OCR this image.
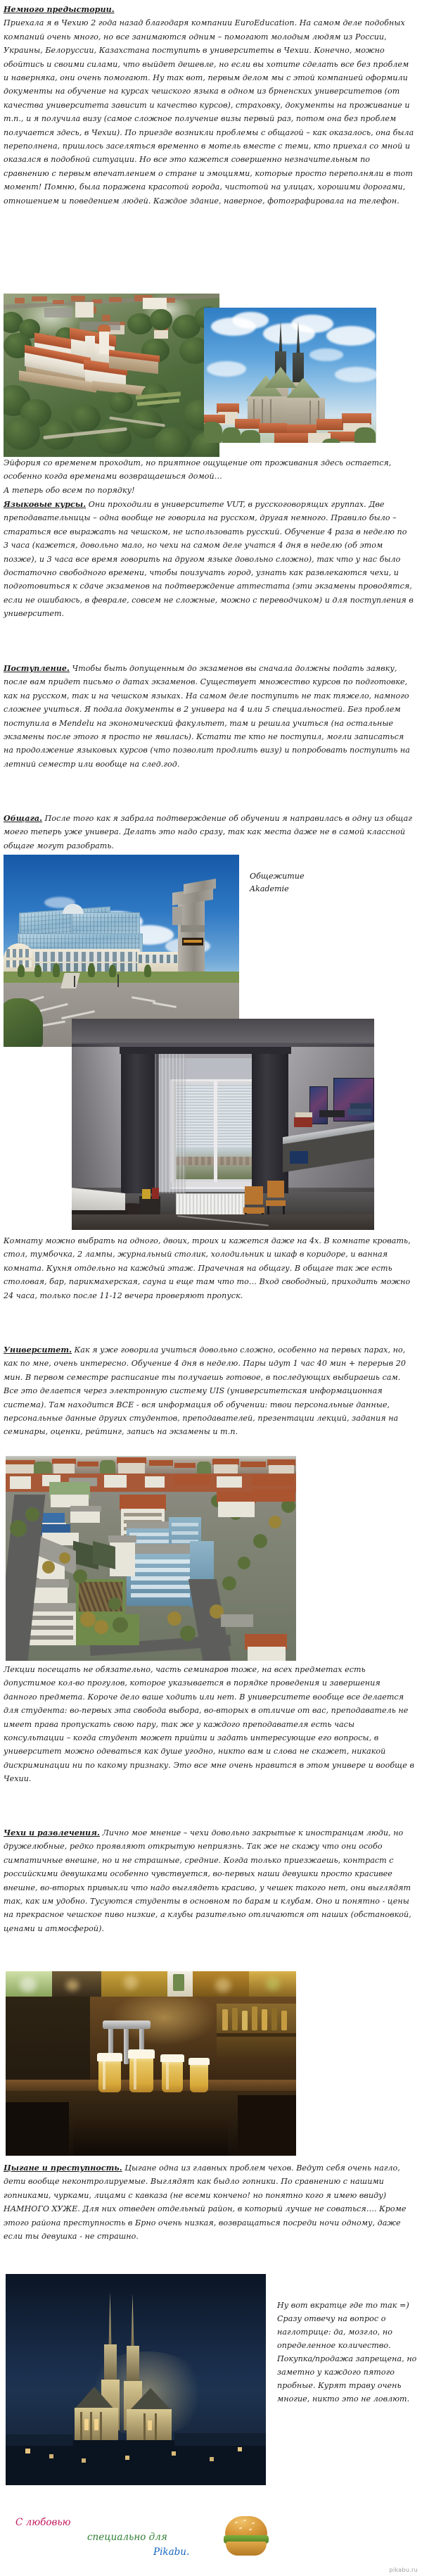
Немного предыстории.
Приехала я в Чехию 2 года назад благодаря компании EuroEducation. На самом деле подобных компаний очень много, но все занимаются одним – помогают молодым людям из России, Украины, Белоруссии, Казахстана поступить в университеты в Чехии. Конечно, можно обойтись и своими силами, что выйдет дешевле, но если вы хотите сделать все без проблем и наверняка, они очень помогают. Ну так вот, первым делом мы с этой компанией оформили документы на обучение на курсах чешского языка в одном из брненских университетов (от качества университета зависит и качество курсов), страховку, документы на проживание и т.п., и я получила визу (самое сложное получение визы первый раз, потом она без проблем получается здесь, в Чехии). По приезде возникли проблемы с общагой – как оказалось, она была переполнена, пришлось заселяться временно в мотель вместе с теми, кто приехал со мной и оказался в подобной ситуации. Но все это кажется совершенно незначительным по сравнению с первым впечатлением о стране и эмоциями, которые просто переполняли в тот момент! Помню, была поражена красотой города, чистотой на улицах, хорошими дорогами, отношением и поведением людей. Каждое здание, наверное, фотографировала на телефон.
Эйфория со временем проходит, но приятное ощущение от проживания здесь остается, особенно когда временами возвращаешься домой…
А теперь обо всем по порядку!
Языковые курсы. Они проходили в университете VUT, в русскоговорящих группах. Две преподавательницы – одна вообще не говорила на русском, другая немного. Правило было – стараться все выражать на чешском, не использовать русский. Обучение 4 раза в неделю по 3 часа (кажется, довольно мало, но чехи на самом деле учатся 4 дня в неделю (об этом позже), и 3 часа все время говорить на другом языке довольно сложно), так что у нас было достаточно свободного времени, чтобы поизучать город, узнать как развлекаются чехи, и подготовиться к сдаче экзаменов на подтверждение аттестата (эти экзамены проводятся, если не ошибаюсь, в феврале, совсем не сложные, можно с переводчиком) и для поступления в университет.
Поступление. Чтобы быть допущенным до экзаменов вы сначала должны подать заявку, после вам придет письмо о датах экзаменов. Существует множество курсов по подготовке, как на русском, так и на чешском языках. На самом деле поступить не так тяжело, намного сложнее учиться. Я подала документы в 2 универа на 4 или 5 специальностей. Без проблем поступила в Mendelu на экономический факультет, там и решила учиться (на остальные экзамены после этого я просто не явилась). Кстати те кто не поступил, могли записаться на продолжение языковых курсов (что позволит продлить визу) и попробовать поступить на летний семестр или вообще на след.год.
Общага. После того как я забрала подтверждение об обучении я направилась в одну из общаг моего теперь уже универа. Делать это надо сразу, так как места даже не в самой классной общаге могут разобрать.
Общежитие
Akademie
Комнату можно выбрать на одного, двоих, троих и кажется даже на 4х. В комнате кровать, стол, тумбочка, 2 лампы, журнальный столик, холодильник и шкаф в коридоре, и ванная комната. Кухня отдельно на каждый этаж. Прачечная на общагу. В общаге так же есть столовая, бар, парикмахерская, сауна и еще там что то… Вход свободный, приходить можно 24 часа, только после 11-12 вечера проверяют пропуск.
Университет. Как я уже говорила учиться довольно сложно, особенно на первых парах, но, как по мне, очень интересно. Обучение 4 дня в неделю. Пары идут 1 час 40 мин + перерыв 20 мин. В первом семестре расписание ты получаешь готовое, в последующих выбираешь сам. Все это делается через электронную систему UIS (университетская информационная система). Там находится ВСЕ - вся информация об обучении: твои персональные данные, персональные данные других студентов, преподавателей, презентации лекций, задания на семинары, оценки, рейтинг, запись на экзамены и т.п.
Лекции посещать не обязательно, часть семинаров тоже, на всех предметах есть допустимое кол-во прогулов, которое указывается в порядке проведения и завершения данного предмета. Короче дело ваше ходить или нет. В университете вообще все делается для студента: во-первых эта свобода выбора, во-вторых в отличие от вас, преподаватель не имеет права пропускать свою пару, так же у каждого преподавателя есть часы консультации – когда студент может прийти и задать интересующие его вопросы, в университет можно одеваться как душе угодно, никто вам и слова не скажет, никакой дискриминации ни по какому признаку. Это все мне очень нравится в этом универе и вообще в Чехии.
Чехи и развлечения. Лично мое мнение – чехи довольно закрытые к иностранцам люди, но дружелюбные, редко проявляют открытую неприязнь. Так же не скажу что они особо симпатичные внешне, но и не страшные, средние. Когда только приезжаешь, контраст с российскими девушками особенно чувствуется, во-первых наши девушки просто красивее внешне, во-вторых привыкли что надо выглядеть красиво, у чешек такого нет, они выглядят так, как им удобно. Тусуются студенты в основном по барам и клубам. Оно и понятно - цены на прекрасное чешское пиво низкие, а клубы разительно отличаются от наших (обстановкой, ценами и атмосферой).
Цыгане и преступность. Цыгане одна из главных проблем чехов. Ведут себя очень нагло, дети вообще неконтролируемые. Выглядят как быдло гопники. По сравнению с нашими гопниками, чурками, лицами с кавказа (не всеми кончено! но понятно кого я имею ввиду) НАМНОГО ХУЖЕ. Для них отведен отдельный район, в который лучше не соваться…. Кроме этого района преступность в Брно очень низкая, возвращаться посреди ночи одному, даже если ты девушка - не страшно.
Ну вот вкратце где то так =) Сразу отвечу на вопрос о наглотрице: да, мозгло, но определенное количество. Покупка/продажа запрещена, но заметно у каждого пятого пробные. Курят траву очень многие, никто это не ловлют.
С любовью
специально для
Pikabu.
pikabu.ru
